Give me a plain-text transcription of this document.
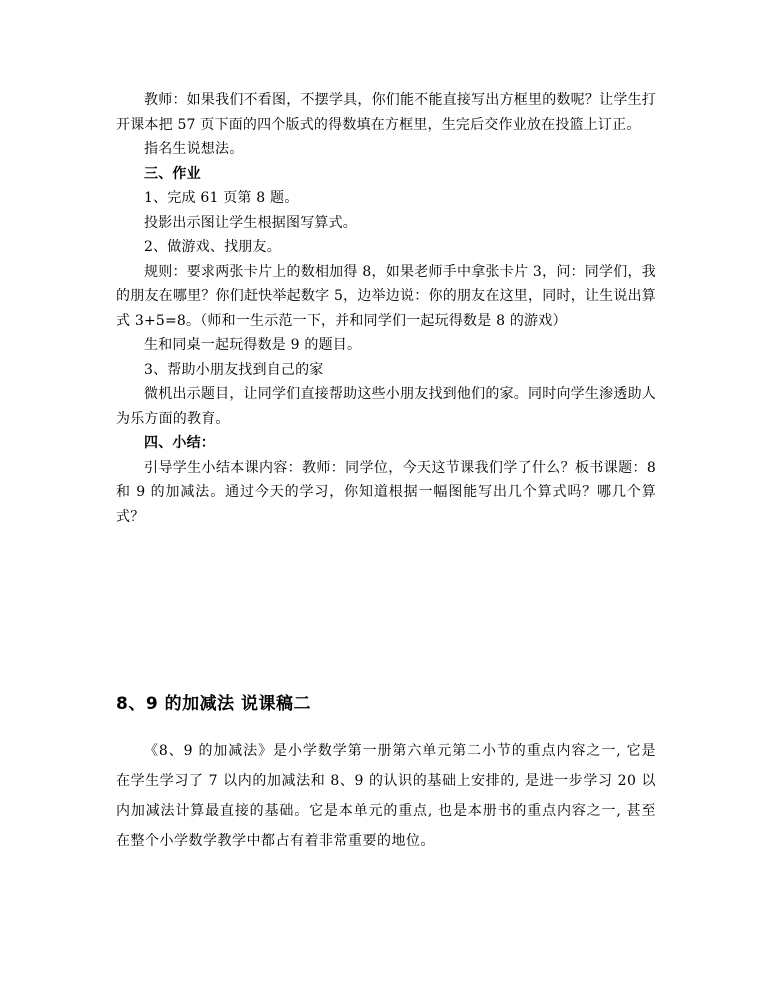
教师：如果我们不看图，不摆学具，你们能不能直接写出方框里的数呢？让学生打开课本把 57 页下面的四个版式的得数填在方框里，生完后交作业放在投篮上订正。

指名生说想法。

三、作业

1、完成 61 页第 8 题。

投影出示图让学生根据图写算式。

2、做游戏、找朋友。

规则：要求两张卡片上的数相加得 8，如果老师手中拿张卡片 3，问：同学们，我的朋友在哪里？你们赶快举起数字 5，边举边说：你的朋友在这里，同时，让生说出算式 3+5=8。（师和一生示范一下，并和同学们一起玩得数是 8 的游戏）

生和同桌一起玩得数是 9 的题目。

3、帮助小朋友找到自己的家

微机出示题目，让同学们直接帮助这些小朋友找到他们的家。同时向学生渗透助人为乐方面的教育。

四、小结：

引导学生小结本课内容：教师：同学位，今天这节课我们学了什么？板书课题：8 和 9 的加减法。通过今天的学习，你知道根据一幅图能写出几个算式吗？哪几个算式？

8、9 的加减法 说课稿二

《8、9 的加减法》是小学数学第一册第六单元第二小节的重点内容之一, 它是在学生学习了 7 以内的加减法和 8、9 的认识的基础上安排的, 是进一步学习 20 以内加减法计算最直接的基础。它是本单元的重点, 也是本册书的重点内容之一, 甚至在整个小学数学教学中都占有着非常重要的地位。
